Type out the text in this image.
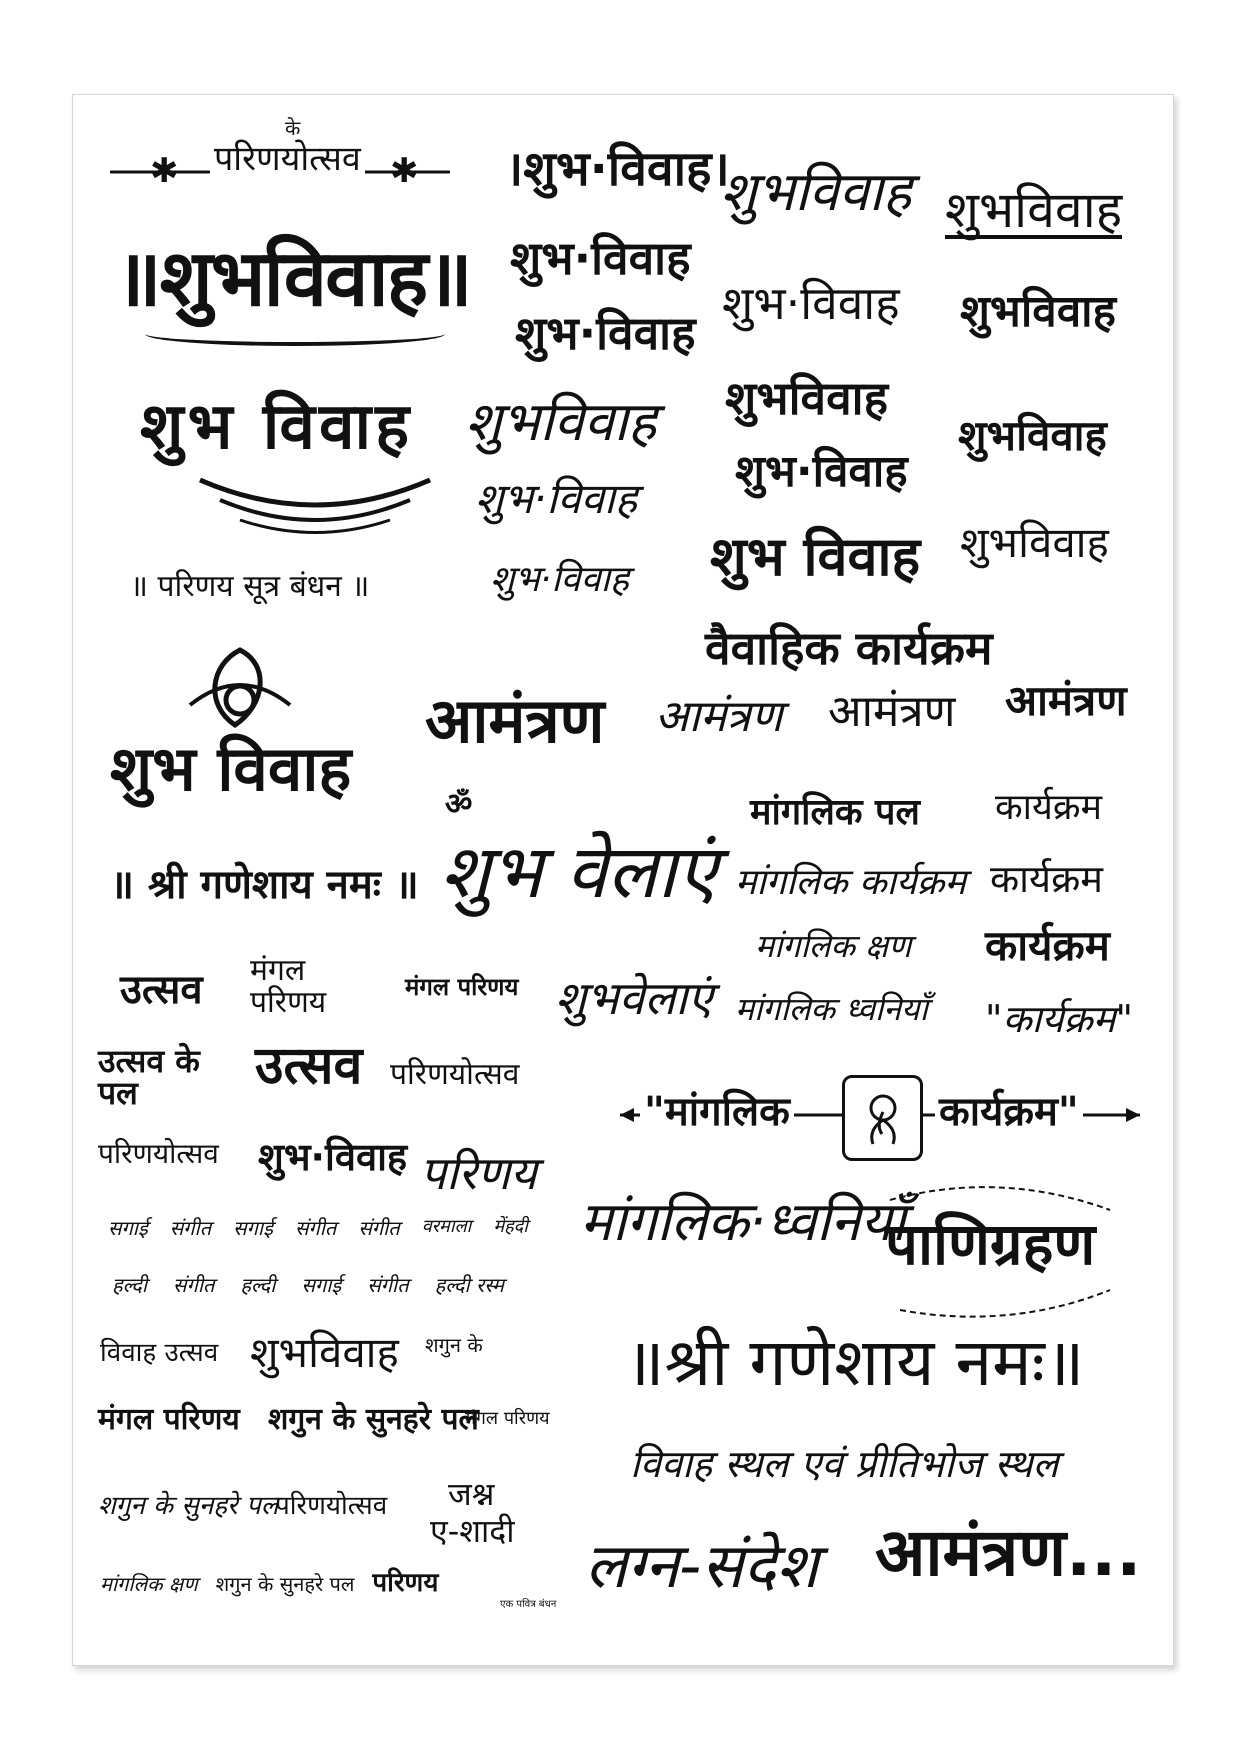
के
✱	✱
परिणयोत्सव
॥शुभविवाह॥
शुभ विवाह
॥ परिणय सूत्र बंधन ॥
शुभ विवाह
॥ श्री गणेशाय नमः ॥
।शुभ·विवाह।
शुभ·विवाह
शुभ·विवाह
शुभविवाह
शुभ·विवाह
शुभ·विवाह
शुभविवाह
शुभ·विवाह
शुभविवाह
शुभ·विवाह
शुभ विवाह
शुभविवाह
शुभविवाह
शुभविवाह
शुभविवाह
वैवाहिक कार्यक्रम
आमंत्रण आमंत्रण आमंत्रण आमंत्रण
ॐ
शुभ वेलाएं
मांगलिक पल
मांगलिक कार्यक्रम
मांगलिक क्षण
मांगलिक ध्वनियाँ
शुभवेलाएं
कार्यक्रम
कार्यक्रम
कार्यक्रम
"कार्यक्रम"
उत्सव मंगल परिणय	मंगल परिणय
उत्सव के पल	उत्सव परिणयोत्सव
परिणयोत्सव शुभ·विवाह परिणय
सगाई संगीत सगाई संगीत संगीत वरमाला मेंहदी
हल्दी संगीत हल्दी सगाई संगीत हल्दी रस्म
विवाह उत्सव शुभविवाह शगुन के
मंगल परिणय शगुन के सुनहरे पल
मंगल परिणय
शगुन के सुनहरे पल
परिणयोत्सव जश्न
ए-शादी
मांगलिक क्षण शगुन के सुनहरे पल परिणय
एक पवित्र बंधन
"मांगलिक	कार्यक्रम"
मांगलिक·ध्वनियाँ
पाणिग्रहण
॥श्री गणेशाय नमः॥
विवाह स्थल एवं प्रीतिभोज स्थल
लग्न-संदेश आमंत्रण...
